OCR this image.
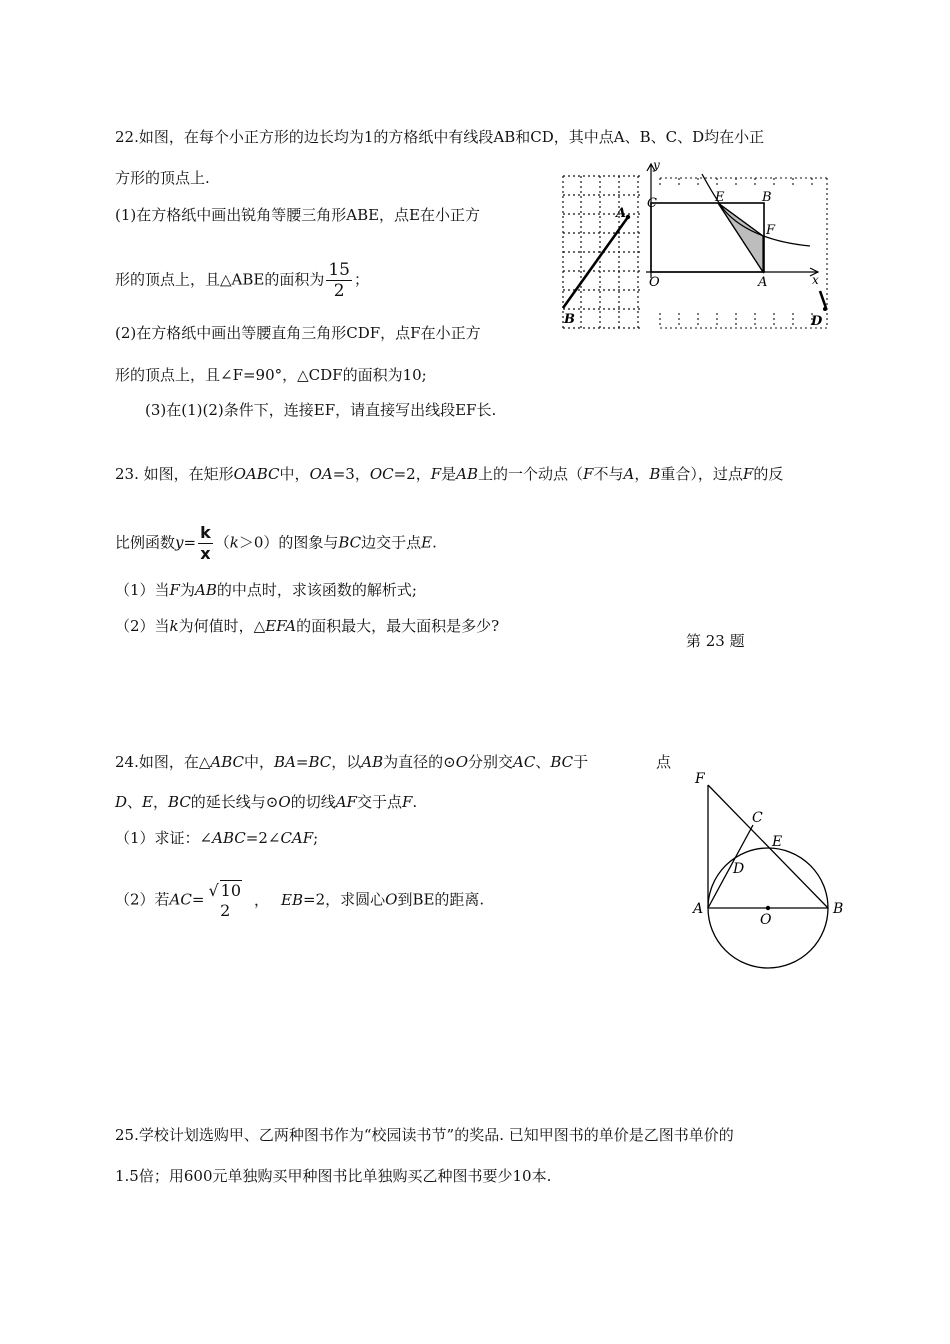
22.如图，在每个小正方形的边长均为1的方格纸中有线段AB和CD，其中点A、B、C、D均在小正
方形的顶点上.
(1)在方格纸中画出锐角等腰三角形ABE，点E在小正方
形的顶点上，且△ABE的面积为 $\frac{15}{2}$ ；
(2)在方格纸中画出等腰直角三角形CDF，点F在小正方
形的顶点上，且∠F=90°，△CDF的面积为10;
(3)在(1)(2)条件下，连接EF，请直接写出线段EF长.
A
B
y
x
C	E	B
F
O	A
D
23. 如图，在矩形OABC中，OA=3，OC=2，F是AB上的一个动点（F不与A，B重合），过点F的反
比例函数$y= \frac{k}{x} (k>0)$的图象与BC边交于点E.
（1）当F为AB的中点时，求该函数的解析式;
（2）当k为何值时，△EFA的面积最大，最大面积是多少?
第 23 题
24.如图，在△ABC中，BA=BC，以AB为直径的⊙O分别交AC、BC于	点
D、E，BC的延长线与⊙O的切线AF交于点F.
（1）求证：∠ABC=2∠CAF;
（2）若AC= √ 10
2
， EB=2，求圆心O到BE的距离.
F
C
E
D
A
O
B
25.学校计划选购甲、乙两种图书作为“校园读书节”的奖品. 已知甲图书的单价是乙图书单价的
1.5倍；用600元单独购买甲种图书比单独购买乙种图书要少10本.
